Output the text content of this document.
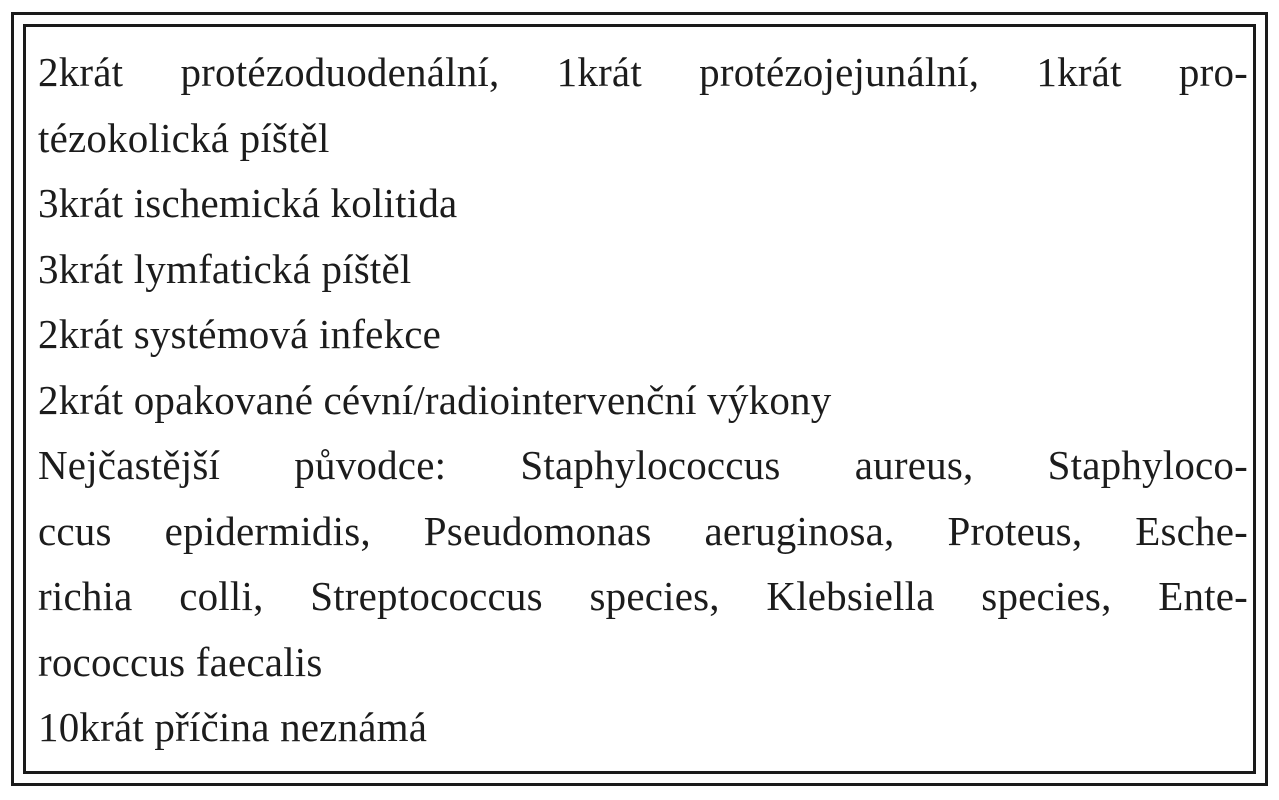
2krát protézoduodenální, 1krát protézojejunální, 1krát pro-
tézokolická píštěl
3krát ischemická kolitida
3krát lymfatická píštěl
2krát systémová infekce
2krát opakované cévní/radiointervenční výkony
Nejčastější původce: Staphylococcus aureus, Staphyloco-
ccus epidermidis, Pseudomonas aeruginosa, Proteus, Esche-
richia colli, Streptococcus species, Klebsiella species, Ente-
rococcus faecalis
10krát příčina neznámá
